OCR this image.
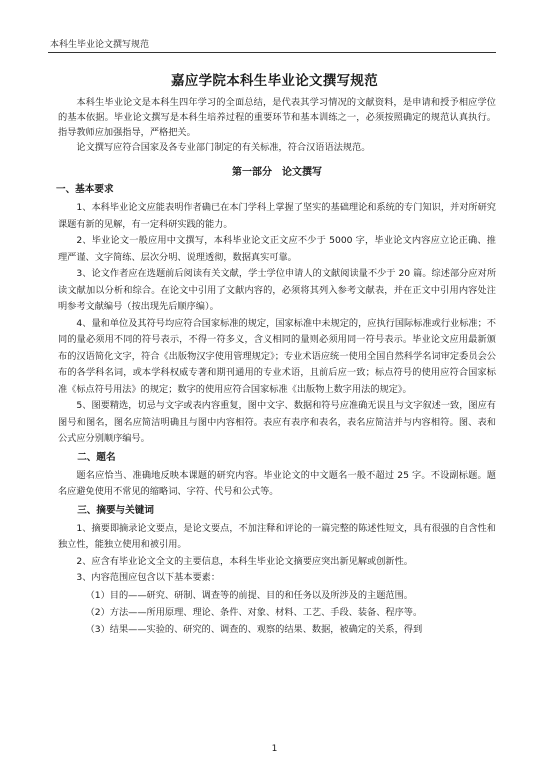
本科生毕业论文撰写规范
嘉应学院本科生毕业论文撰写规范

本科生毕业论文是本科生四年学习的全面总结，是代表其学习情况的文献资料，是申请和授予相应学位的基本依据。毕业论文撰写是本科生培养过程的重要环节和基本训练之一，必须按照确定的规范认真执行。指导教师应加强指导，严格把关。

论文撰写应符合国家及各专业部门制定的有关标准，符合汉语语法规范。

第一部分　论文撰写
一、基本要求

1、本科毕业论文应能表明作者确已在本门学科上掌握了坚实的基础理论和系统的专门知识，并对所研究课题有新的见解，有一定科研实践的能力。

2、毕业论文一般应用中文撰写，本科毕业论文正文应不少于 5000 字，毕业论文内容应立论正确、推理严谨、文字简练、层次分明、说理透彻，数据真实可靠。

3、论文作者应在选题前后阅读有关文献，学士学位申请人的文献阅读量不少于 20 篇。综述部分应对所读文献加以分析和综合。在论文中引用了文献内容的，必须将其列入参考文献表，并在正文中引用内容处注明参考文献编号（按出现先后顺序编）。

4、量和单位及其符号均应符合国家标准的规定，国家标准中未规定的，应执行国际标准或行业标准；不同的量必须用不同的符号表示，不得一符多义，含义相同的量则必须用同一符号表示。毕业论文应用最新颁布的汉语简化文字，符合《出版物汉字使用管理规定》；专业术语应统一使用全国自然科学名词审定委员会公布的各学科名词，或本学科权威专著和期刊通用的专业术语，且前后应一致；标点符号的使用应符合国家标准《标点符号用法》的规定；数字的使用应符合国家标准《出版物上数字用法的规定》。

5、图要精选，切忌与文字或表内容重复，图中文字、数据和符号应准确无误且与文字叙述一致，图应有图号和图名，图名应简洁明确且与图中内容相符。表应有表序和表名，表名应简洁并与内容相符。图、表和公式应分别顺序编号。

二、题名

题名应恰当、准确地反映本课题的研究内容。毕业论文的中文题名一般不超过 25 字。不设副标题。题名应避免使用不常见的缩略词、字符、代号和公式等。

三、摘要与关键词

1、摘要即摘录论文要点，是论文要点，不加注释和评论的一篇完整的陈述性短文，具有很强的自含性和独立性，能独立使用和被引用。

2、应含有毕业论文全文的主要信息，本科生毕业论文摘要应突出新见解或创新性。

3、内容范围应包含以下基本要素：

（1）目的——研究、研制、调查等的前提、目的和任务以及所涉及的主题范围。

（2）方法——所用原理、理论、条件、对象、材料、工艺、手段、装备、程序等。

（3）结果——实验的、研究的、调查的、观察的结果、数据，被确定的关系，得到

1
